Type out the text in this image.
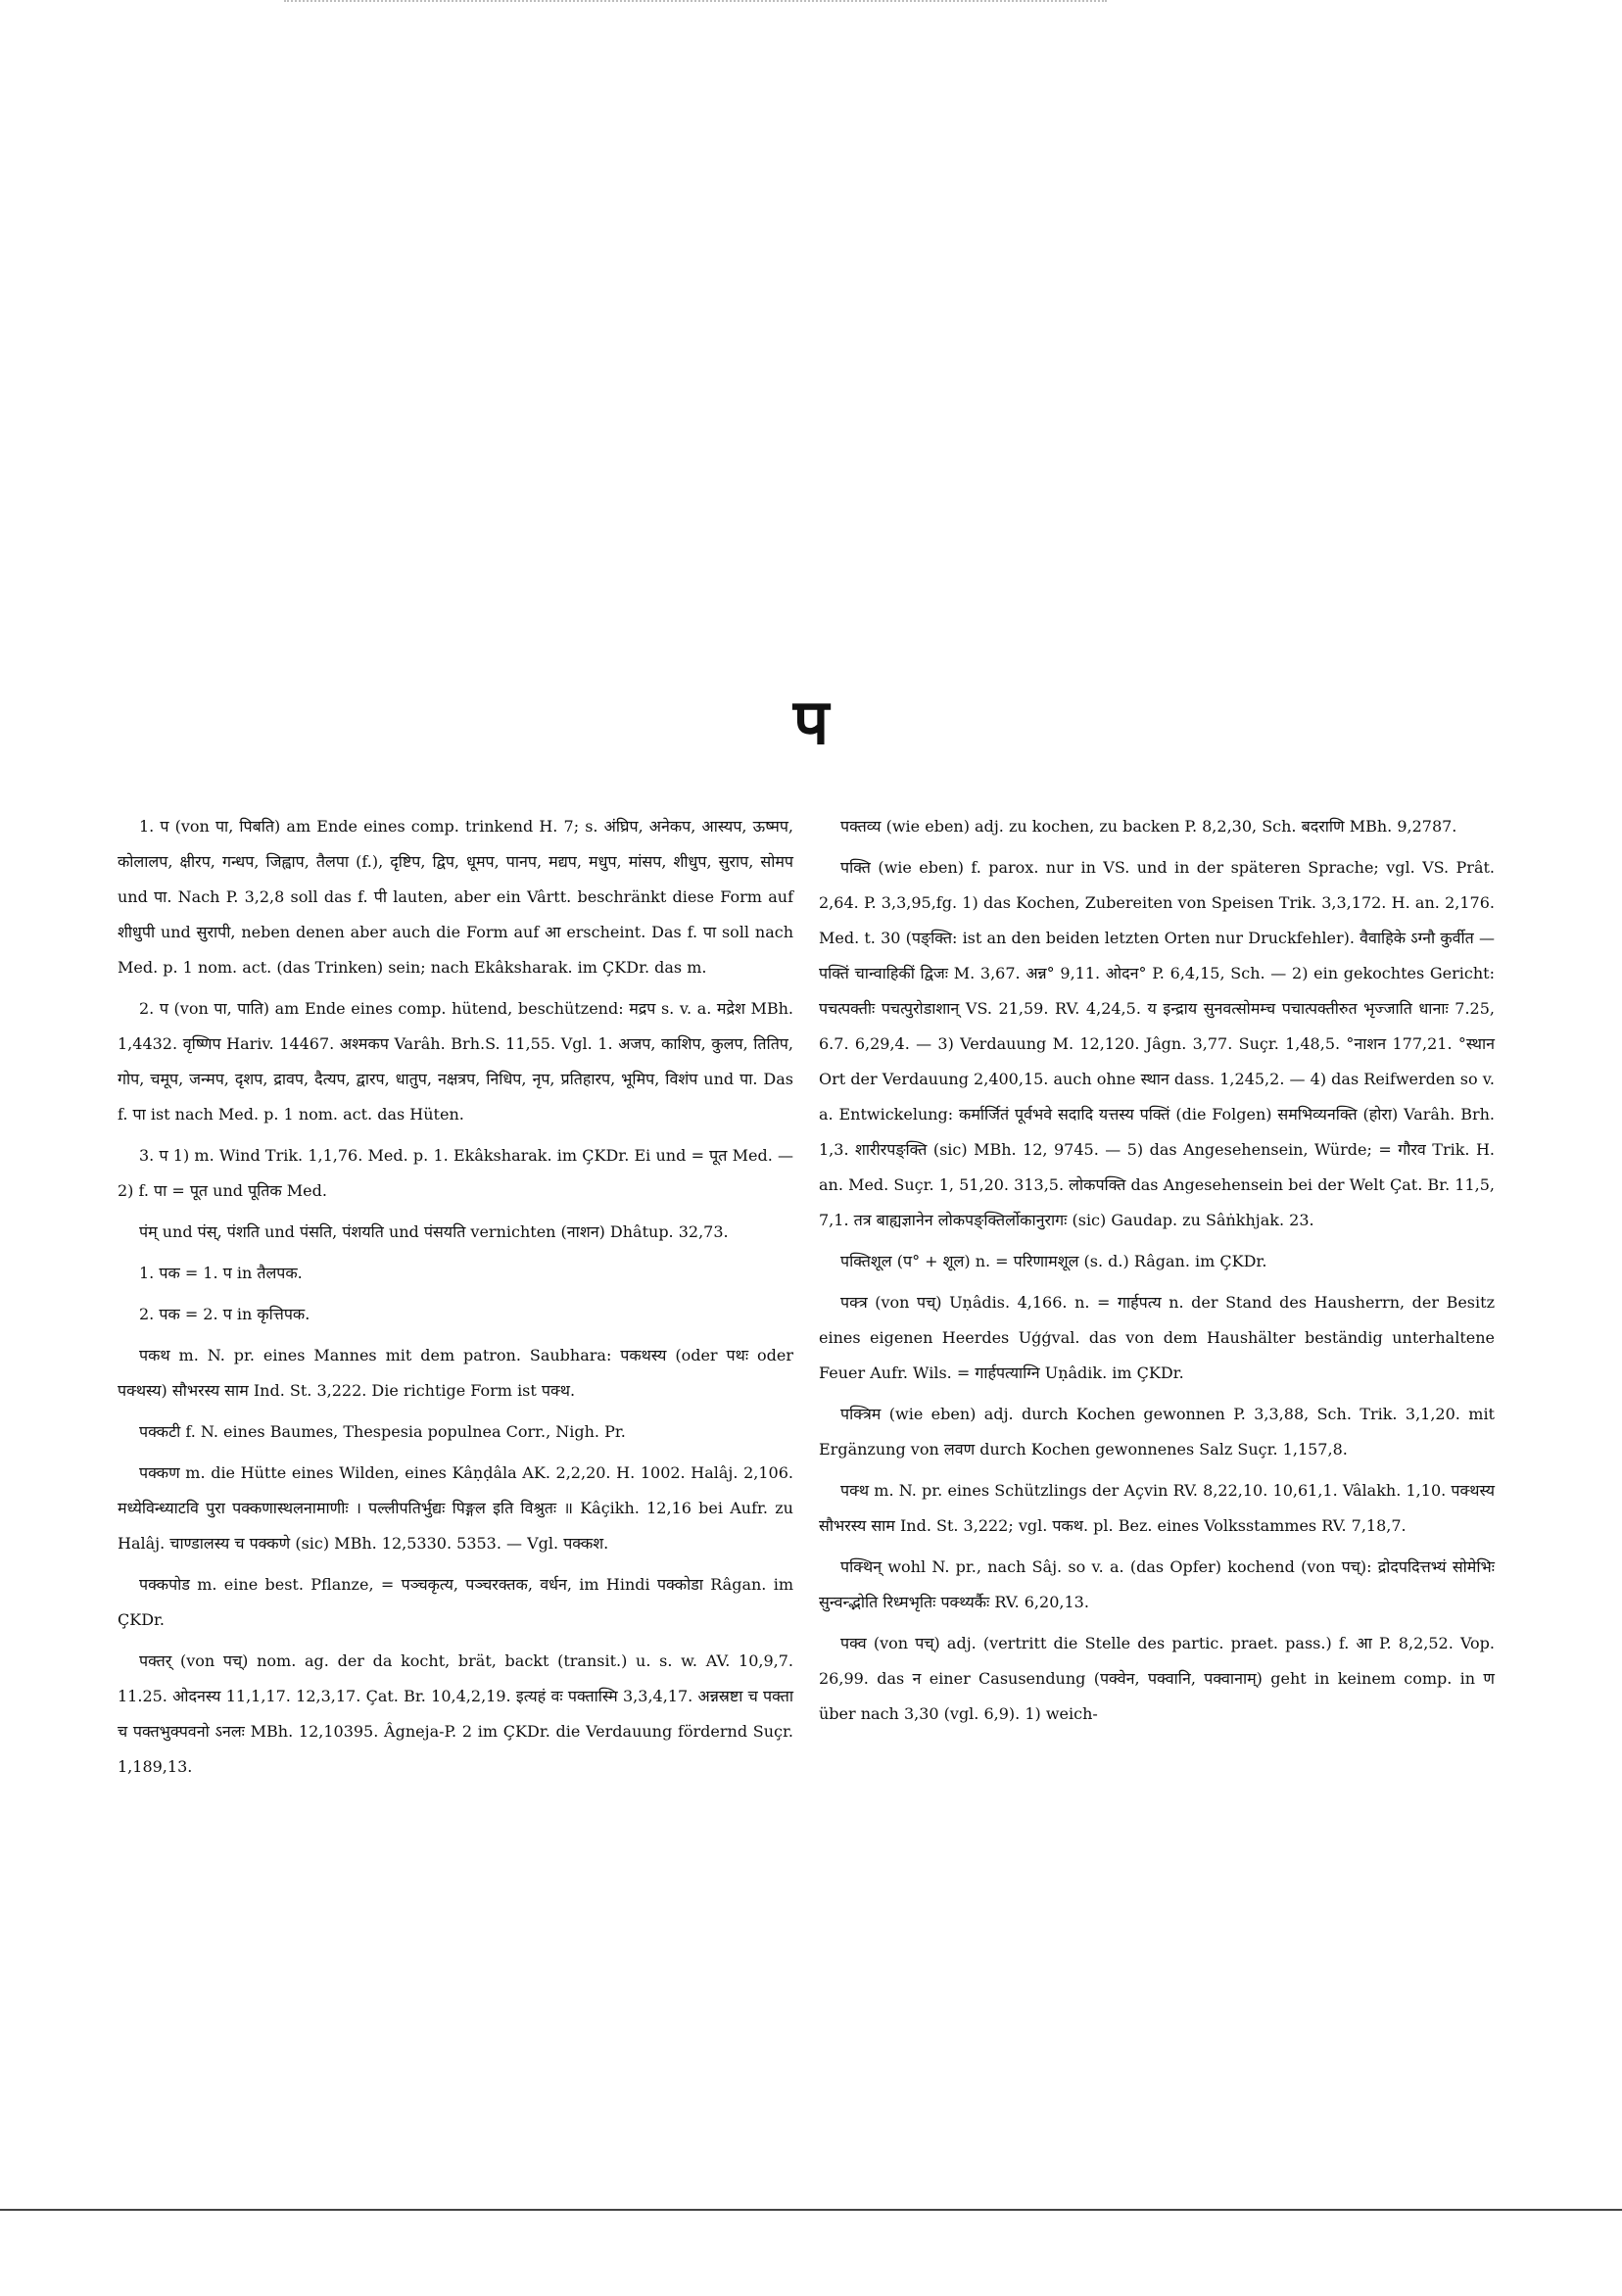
प

1. प (von पा, पिबति) am Ende eines comp. trinkend H. 7; s. अंघ्रिप, अनेकप, आस्यप, ऊष्मप, कोलालप, क्षीरप, गन्धप, जिह्वाप, तैलपा (f.), दृष्टिप, द्विप, धूमप, पानप, मद्यप, मधुप, मांसप, शीधुप, सुराप, सोमप und पा. Nach P. 3,2,8 soll das f. पी lauten, aber ein Vârtt. beschränkt diese Form auf शीधुपी und सुरापी, neben denen aber auch die Form auf आ erscheint. Das f. पा soll nach Med. p. 1 nom. act. (das Trinken) sein; nach Ekâksharak. im ÇKDr. das m.

2. प (von पा, पाति) am Ende eines comp. hütend, beschützend: मद्रप s. v. a. मद्रेश MBh. 1,4432. वृष्णिप Hariv. 14467. अश्मकप Varâh. Brh.S. 11,55. Vgl. 1. अजप, काशिप, कुलप, तितिप, गोप, चमूप, जन्मप, दृशप, द्रावप, दैत्यप, द्वारप, धातुप, नक्षत्रप, निधिप, नृप, प्रतिहारप, भूमिप, विशंप und पा. Das f. पा ist nach Med. p. 1 nom. act. das Hüten.

3. प 1) m. Wind Trik. 1,1,76. Med. p. 1. Ekâksharak. im ÇKDr. Ei und = पूत Med. — 2) f. पा = पूत und पूतिक Med.

पंम् und पंस्, पंशति und पंसति, पंशयति und पंसयति vernichten (नाशन) Dhâtup. 32,73.

1. पक = 1. प in तैलपक.

2. पक = 2. प in कृत्तिपक.

पकथ m. N. pr. eines Mannes mit dem patron. Saubhara: पकथस्य (oder पथः oder पक्थस्य) सौभरस्य साम Ind. St. 3,222. Die richtige Form ist पक्थ.

पक्कटी f. N. eines Baumes, Thespesia populnea Corr., Nigh. Pr.

पक्कण m. die Hütte eines Wilden, eines Kâṇḍâla AK. 2,2,20. H. 1002. Halâj. 2,106. मध्येविन्ध्याटवि पुरा पक्कणास्थलनामाणीः । पल्लीपतिर्भुद्यः पिङ्गल इति विश्रुतः ॥ Kâçikh. 12,16 bei Aufr. zu Halâj. चाण्डालस्य च पक्कणे (sic) MBh. 12,5330. 5353. — Vgl. पक्कश.

पक्कपोड m. eine best. Pflanze, = पञ्चकृत्य, पञ्चरक्तक, वर्धन, im Hindi पक्कोडा Râgan. im ÇKDr.

पक्तर् (von पच्) nom. ag. der da kocht, brät, backt (transit.) u. s. w. AV. 10,9,7. 11.25. ओदनस्य 11,1,17. 12,3,17. Çat. Br. 10,4,2,19. इत्यहं वः पक्तास्मि 3,3,4,17. अन्नस्रष्टा च पक्ता च पक्तभुक्पवनो ऽनलः MBh. 12,10395. Âgneja-P. 2 im ÇKDr. die Verdauung fördernd Suçr. 1,189,13.

पक्तव्य (wie eben) adj. zu kochen, zu backen P. 8,2,30, Sch. बदराणि MBh. 9,2787.

पक्ति (wie eben) f. parox. nur in VS. und in der späteren Sprache; vgl. VS. Prât. 2,64. P. 3,3,95,fg. 1) das Kochen, Zubereiten von Speisen Trik. 3,3,172. H. an. 2,176. Med. t. 30 (पङ्क्ति: ist an den beiden letzten Orten nur Druckfehler). वैवाहिके ऽग्नौ कुर्वीत — पक्तिं चान्वाहिकीं द्विजः M. 3,67. अन्न° 9,11. ओदन° P. 6,4,15, Sch. — 2) ein gekochtes Gericht: पचत्पक्तीः पचत्पुरोडाशान् VS. 21,59. RV. 4,24,5. य इन्द्राय सुनवत्सोमम्च पचात्पक्तीरुत भृज्जाति धानाः 7.25, 6.7. 6,29,4. — 3) Verdauung M. 12,120. Jâgn. 3,77. Suçr. 1,48,5. °नाशन 177,21. °स्थान Ort der Verdauung 2,400,15. auch ohne स्थान dass. 1,245,2. — 4) das Reifwerden so v. a. Entwickelung: कर्मार्जितं पूर्वभवे सदादि यत्तस्य पक्तिं (die Folgen) समभिव्यनक्ति (होरा) Varâh. Brh. 1,3. शारीरपङ्क्ति (sic) MBh. 12, 9745. — 5) das Angesehensein, Würde; = गौरव Trik. H. an. Med. Suçr. 1, 51,20. 313,5. लोकपक्ति das Angesehensein bei der Welt Çat. Br. 11,5, 7,1. तत्र बाह्यज्ञानेन लोकपङ्क्तिर्लोकानुरागः (sic) Gaudap. zu Sâṅkhjak. 23.

पक्तिशूल (प° + शूल) n. = परिणामशूल (s. d.) Râgan. im ÇKDr.

पक्त्र (von पच्) Uṇâdis. 4,166. n. = गार्हपत्य n. der Stand des Hausherrn, der Besitz eines eigenen Heerdes Uģģval. das von dem Haushälter beständig unterhaltene Feuer Aufr. Wils. = गार्हपत्याग्नि Uṇâdik. im ÇKDr.

पक्त्रिम (wie eben) adj. durch Kochen gewonnen P. 3,3,88, Sch. Trik. 3,1,20. mit Ergänzung von लवण durch Kochen gewonnenes Salz Suçr. 1,157,8.

पक्थ m. N. pr. eines Schützlings der Açvin RV. 8,22,10. 10,61,1. Vâlakh. 1,10. पक्थस्य सौभरस्य साम Ind. St. 3,222; vgl. पकथ. pl. Bez. eines Volksstammes RV. 7,18,7.

पक्थिन् wohl N. pr., nach Sâj. so v. a. (das Opfer) kochend (von पच्): द्रोदपदित्तभ्यं सोमेभिः सुन्वन्द्भोति रिध्मभृतिः पक्थ्यर्कैः RV. 6,20,13.

पक्व (von पच्) adj. (vertritt die Stelle des partic. praet. pass.) f. आ P. 8,2,52. Vop. 26,99. das न einer Casusendung (पक्वेन, पक्वानि, पक्वानाम्) geht in keinem comp. in ण über nach 3,30 (vgl. 6,9). 1) weich-
